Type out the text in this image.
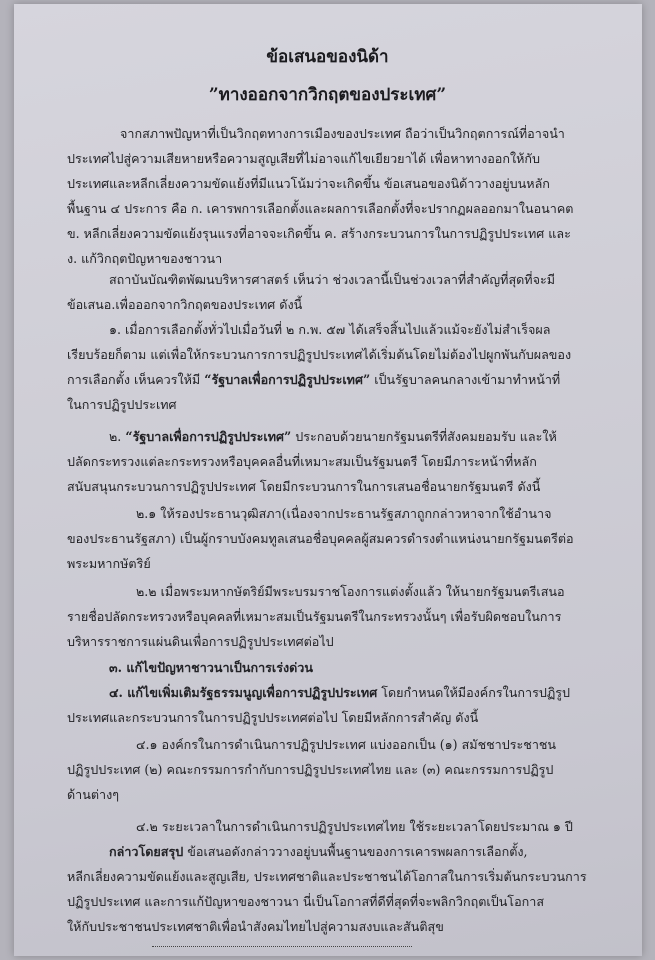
ข้อเสนอของนิด้า
”ทางออกจากวิกฤตของประเทศ”
จากสภาพปัญหาที่เป็นวิกฤตทางการเมืองของประเทศ ถือว่าเป็นวิกฤตการณ์ที่อาจนำ
ประเทศไปสู่ความเสียหายหรือความสูญเสียที่ไม่อาจแก้ไขเยียวยาได้ เพื่อหาทางออกให้กับ
ประเทศและหลีกเลี่ยงความขัดแย้งที่มีแนวโน้มว่าจะเกิดขึ้น ข้อเสนอของนิด้าวางอยู่บนหลัก
พื้นฐาน ๔ ประการ คือ ก. เคารพการเลือกตั้งและผลการเลือกตั้งที่จะปรากฏผลออกมาในอนาคต
ข. หลีกเลี่ยงความขัดแย้งรุนแรงที่อาจจะเกิดขึ้น ค. สร้างกระบวนการในการปฏิรูปประเทศ และ
ง. แก้วิกฤตปัญหาของชาวนา
สถาบันบัณฑิตพัฒนบริหารศาสตร์ เห็นว่า ช่วงเวลานี้เป็นช่วงเวลาที่สำคัญที่สุดที่จะมี
ข้อเสนอ.เพื่อออกจากวิกฤตของประเทศ ดังนี้
๑. เมื่อการเลือกตั้งทั่วไปเมื่อวันที่ ๒ ก.พ. ๕๗ ได้เสร็จสิ้นไปแล้วแม้จะยังไม่สำเร็จผล
เรียบร้อยก็ตาม แต่เพื่อให้กระบวนการการปฏิรูปประเทศได้เริ่มต้นโดยไม่ต้องไปผูกพันกับผลของ
การเลือกตั้ง เห็นควรให้มี “รัฐบาลเพื่อการปฏิรูปประเทศ” เป็นรัฐบาลคนกลางเข้ามาทำหน้าที่
ในการปฏิรูปประเทศ
๒. “รัฐบาลเพื่อการปฏิรูปประเทศ” ประกอบด้วยนายกรัฐมนตรีที่สังคมยอมรับ และให้
ปลัดกระทรวงแต่ละกระทรวงหรือบุคคลอื่นที่เหมาะสมเป็นรัฐมนตรี โดยมีภาระหน้าที่หลัก
สนับสนุนกระบวนการปฏิรูปประเทศ โดยมีกระบวนการในการเสนอชื่อนายกรัฐมนตรี ดังนี้
๒.๑ ให้รองประธานวุฒิสภา(เนื่องจากประธานรัฐสภาถูกกล่าวหาจากใช้อำนาจ
ของประธานรัฐสภา) เป็นผู้กราบบังคมทูลเสนอชื่อบุคคลผู้สมควรดำรงตำแหน่งนายกรัฐมนตรีต่อ
พระมหากษัตริย์
๒.๒ เมื่อพระมหากษัตริย์มีพระบรมราชโองการแต่งตั้งแล้ว ให้นายกรัฐมนตรีเสนอ
รายชื่อปลัดกระทรวงหรือบุคคลที่เหมาะสมเป็นรัฐมนตรีในกระทรวงนั้นๆ เพื่อรับผิดชอบในการ
บริหารราชการแผ่นดินเพื่อการปฏิรูปประเทศต่อไป
๓. แก้ไขปัญหาชาวนาเป็นการเร่งด่วน
๔. แก้ไขเพิ่มเติมรัฐธรรมนูญเพื่อการปฏิรูปประเทศ โดยกำหนดให้มีองค์กรในการปฏิรูป
ประเทศและกระบวนการในการปฏิรูปประเทศต่อไป โดยมีหลักการสำคัญ ดังนี้
๔.๑ องค์กรในการดำเนินการปฏิรูปประเทศ แบ่งออกเป็น (๑) สมัชชาประชาชน
ปฏิรูปประเทศ (๒) คณะกรรมการกำกับการปฏิรูปประเทศไทย และ (๓) คณะกรรมการปฏิรูป
ด้านต่างๆ
๔.๒ ระยะเวลาในการดำเนินการปฏิรูปประเทศไทย ใช้ระยะเวลาโดยประมาณ ๑ ปี
กล่าวโดยสรุป ข้อเสนอดังกล่าววางอยู่บนพื้นฐานของการเคารพผลการเลือกตั้ง,
หลีกเลี่ยงความขัดแย้งและสูญเสีย, ประเทศชาติและประชาชนได้โอกาสในการเริ่มต้นกระบวนการ
ปฏิรูปประเทศ และการแก้ปัญหาของชาวนา นี่เป็นโอกาสที่ดีที่สุดที่จะพลิกวิกฤตเป็นโอกาส
ให้กับประชาชนประเทศชาติเพื่อนำสังคมไทยไปสู่ความสงบและสันติสุข
